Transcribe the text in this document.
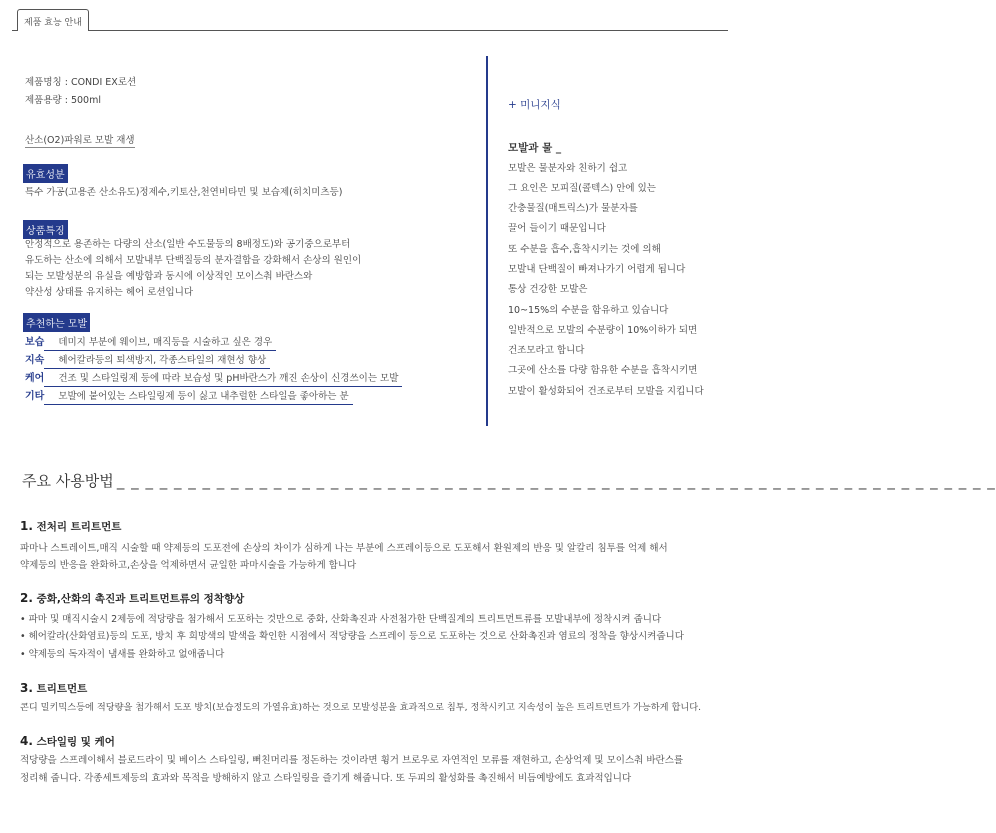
제품 효능 안내
제품명칭 : CONDI EX로션
제품용량 : 500ml
산소(O2)파워로 모발 재생
유효성분
특수 가공(고용존 산소유도)정제수,키토산,천연비타민 및 보습제(히치미츠등)
상품특징
안정적으로 용존하는 다량의 산소(일반 수도물등의 8배정도)와 공기중으로부터
유도하는 산소에 의해서 모발내부 단백질등의 분자결합을 강화해서 손상의 원인이
되는 모발성분의 유실을 예방함과 동시에 이상적인 모이스춰 바란스와
약산성 상태를 유지하는 헤어 로션입니다
추천하는 모발
보습 데미지 부분에 웨이브, 매직등을 시술하고 싶은 경우
지속 헤어칼라등의 퇴색방지, 각종스타일의 재현성 향상
케어 건조 및 스타일링제 등에 따라 보습성 및 pH바란스가 깨진 손상이 신경쓰이는 모발
기타 모발에 붙어있는 스타일링제 등이 싫고 내추럴한 스타일을 좋아하는 분
+ 미니지식
모발과 물 _
모발은 물분자와 친하기 쉽고
그 요인은 모피질(콜텍스) 안에 있는
간충물질(매트릭스)가 물분자를
끌어 들이기 때문입니다
또 수분을 흡수,흡착시키는 것에 의해
모발내 단백질이 빠져나가기 어렵게 됩니다
통상 건강한 모발은
10~15%의 수분을 함유하고 있습니다
일반적으로 모발의 수분량이 10%이하가 되면
건조모라고 합니다
그곳에 산소를 다량 함유한 수분을 흡착시키면
모발이 활성화되어 건조로부터 모발을 지킵니다
주요 사용방법 _ _ _ _ _ _ _ _ _ _ _ _ _ _ _ _ _ _ _ _ _ _ _ _ _ _ _ _ _ _ _ _ _ _ _ _ _ _ _ _ _ _ _ _ _ _ _ _ _ _ _ _ _ _ _ _ _ _ _ _ _ _
1. 전처리 트리트먼트
파마나 스트레이트,매직 시술할 때 약제등의 도포전에 손상의 차이가 심하게 나는 부분에 스프레이등으로 도포해서 환원제의 반응 및 알칼리 침투를 억제 해서
약제등의 반응을 완화하고,손상을 억제하면서 균일한 파마시술을 가능하게 합니다
2. 중화,산화의 촉진과 트리트먼트류의 정착향상
• 파마 및 매직시술시 2제등에 적당량을 첨가해서 도포하는 것만으로 중화, 산화촉진과 사전첨가한 단백질계의 트리트먼트류를 모발내부에 정착시켜 줍니다
• 헤어칼라(산화염료)등의 도포, 방치 후 희망색의 발색을 확인한 시점에서 적당량을 스프레이 등으로 도포하는 것으로 산화촉진과 염료의 정착을 향상시켜줍니다
• 약제등의 독자적이 냄새를 완화하고 없애줍니다
3. 트리트먼트
콘디 밀키믹스등에 적당량을 첨가해서 도포 방치(보습정도의 가열유효)하는 것으로 모발성분을 효과적으로 침투, 정착시키고 지속성이 높은 트리트먼트가 가능하게 합니다.
4. 스타일링 및 케어
적당량을 스프레이해서 블로드라이 및 베이스 스타일링, 뻐친머리를 정돈하는 것이라면 휭거 브로우로 자연적인 모류를 재현하고, 손상억제 및 모이스춰 바란스를
정리해 줍니다. 각종세트제등의 효과와 목적을 방해하지 않고 스타일링을 즐기게 해줍니다. 또 두피의 활성화를 촉진해서 비듬예방에도 효과적입니다
